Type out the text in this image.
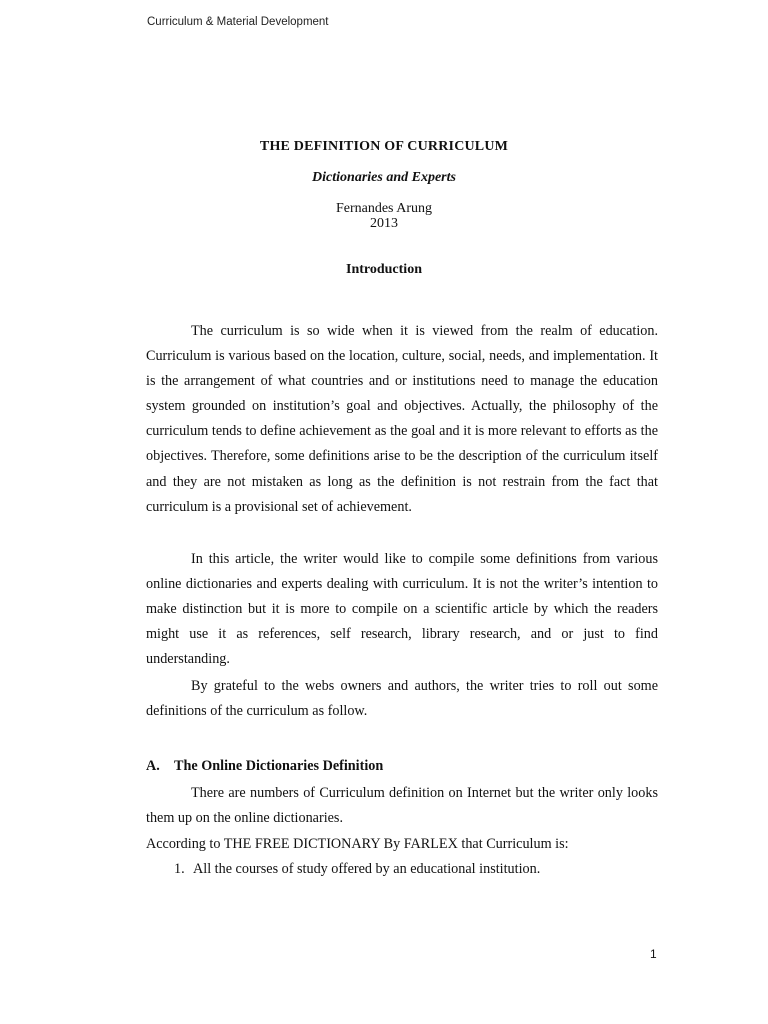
Curriculum & Material Development
THE DEFINITION OF CURRICULUM
Dictionaries and Experts
Fernandes Arung
2013
Introduction

The curriculum is so wide when it is viewed from the realm of education. Curriculum is various based on the location, culture, social, needs, and implementation. It is the arrangement of what countries and or institutions need to manage the education system grounded on institution’s goal and objectives. Actually, the philosophy of the curriculum tends to define achievement as the goal and it is more relevant to efforts as the objectives. Therefore, some definitions arise to be the description of the curriculum itself and they are not mistaken as long as the definition is not restrain from the fact that curriculum is a provisional set of achievement.

In this article, the writer would like to compile some definitions from various online dictionaries and experts dealing with curriculum. It is not the writer’s intention to make distinction but it is more to compile on a scientific article by which the readers might use it as references, self research, library research, and or just to find understanding.

By grateful to the webs owners and authors, the writer tries to roll out some definitions of the curriculum as follow.

A. The Online Dictionaries Definition

There are numbers of Curriculum definition on Internet but the writer only looks them up on the online dictionaries.

According to THE FREE DICTIONARY By FARLEX that Curriculum is:

1. All the courses of study offered by an educational institution.
1
